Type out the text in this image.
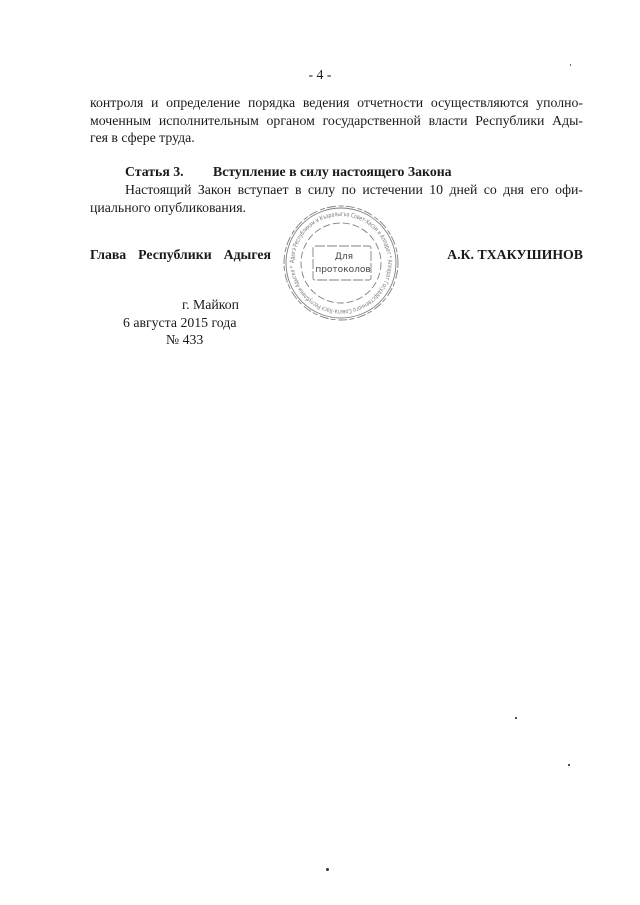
- 4 -
контроля и определение порядка ведения отчетности осуществляются уполно-
моченным исполнительным органом государственной власти Республики Ады-
гея в сфере труда.
Статья 3. Вступление в силу настоящего Закона
Настоящий Закон вступает в силу по истечении 10 дней со дня его офи-
циального опубликования.
Глава Республики Адыгея	А.К. ТХАКУШИНОВ
Адыгэ Республикэм и Къэралыгъо Совет-Хасэм и Аппарат * Аппарат Государственного Совета-Хасэ Республики Адыгея *
Для
протоколов
г. Майкоп
6 августа 2015 года
№ 433
